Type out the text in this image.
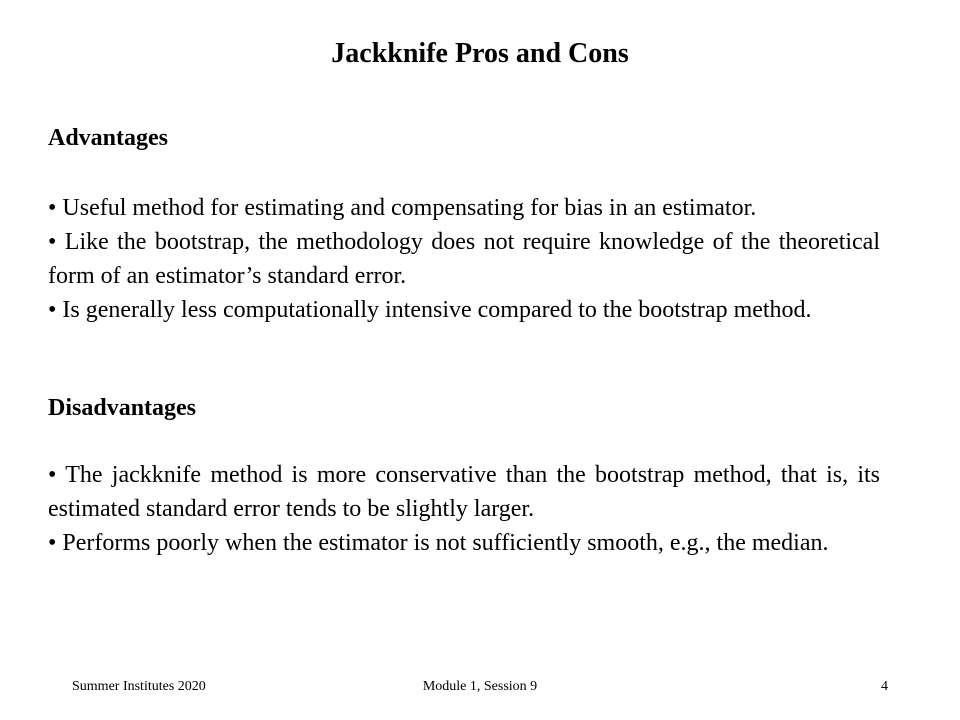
Jackknife Pros and Cons
Advantages
• Useful method for estimating and compensating for bias in an estimator.
• Like the bootstrap, the methodology does not require knowledge of the theoretical form of an estimator’s standard error.
• Is generally less computationally intensive compared to the bootstrap method.
Disadvantages
• The jackknife method is more conservative than the bootstrap method, that is, its estimated standard error tends to be slightly larger.
• Performs poorly when the estimator is not sufficiently smooth, e.g., the median.
Summer Institutes 2020	Module 1, Session 9	4
